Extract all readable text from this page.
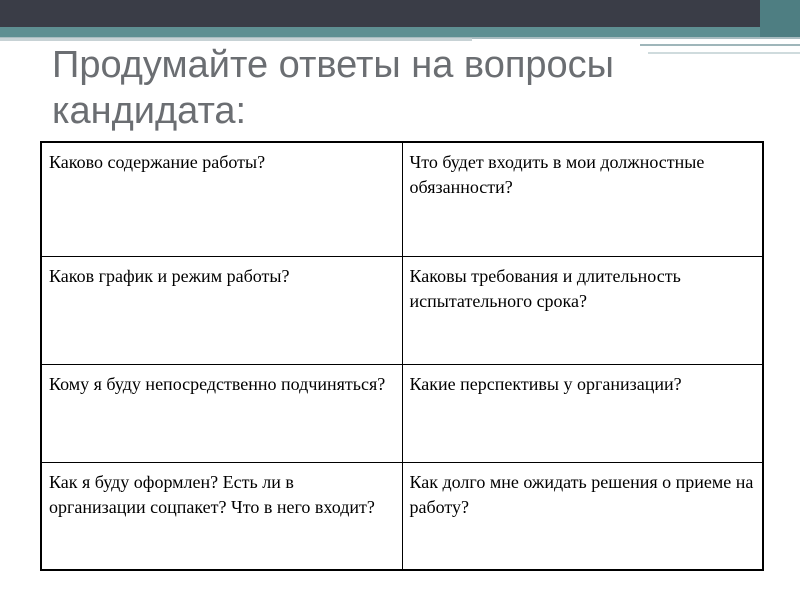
Продумайте ответы на вопросы
кандидата:
Каково содержание работы?	Что будет входить в мои должностные обязанности?
Каков график и режим работы?	Каковы требования и длительность испытательного срока?
Кому я буду непосредственно подчиняться?	Какие перспективы у организации?
Как я буду оформлен? Есть ли в организации соцпакет? Что в него входит?	Как долго мне ожидать решения о приеме на работу?
